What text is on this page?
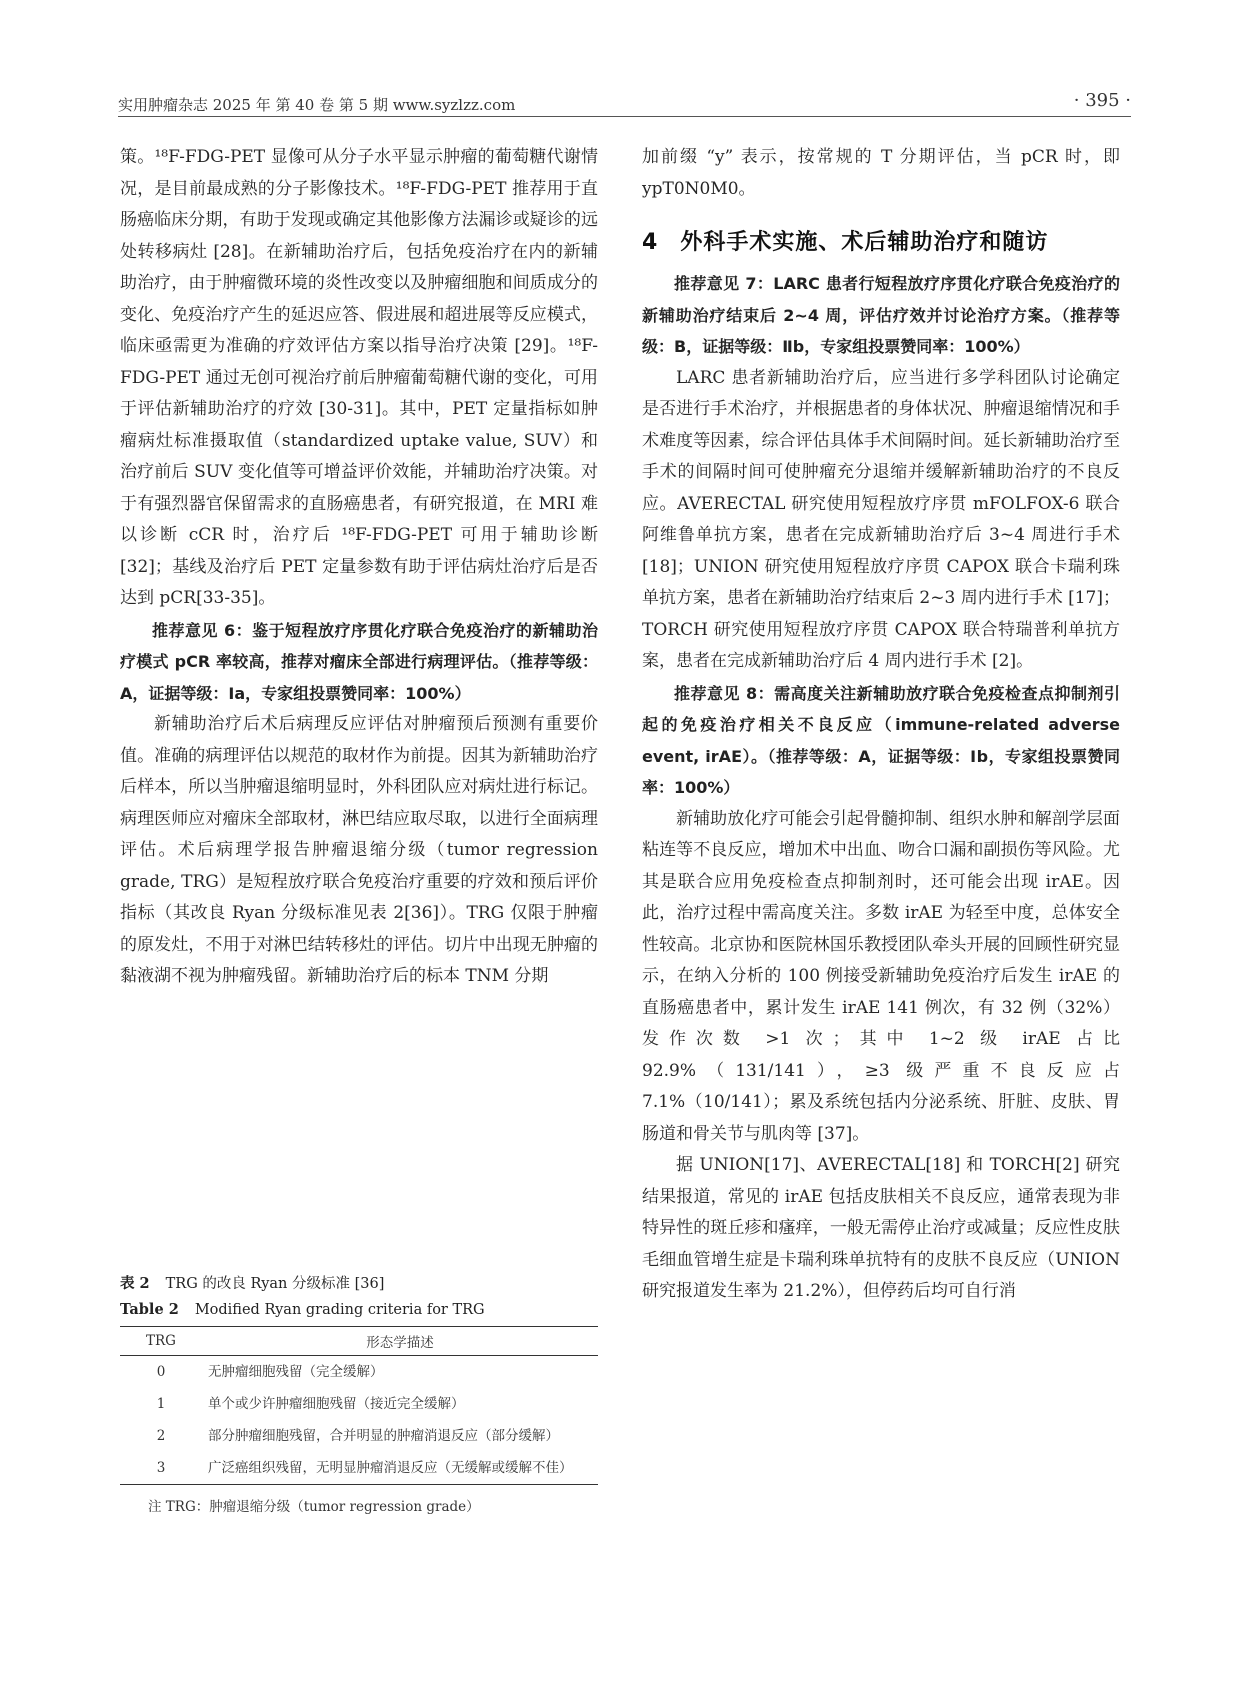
实用肿瘤杂志 2025 年 第 40 卷 第 5 期 www.syzlzz.com	· 395 ·

策。¹⁸F-FDG-PET 显像可从分子水平显示肿瘤的葡萄糖代谢情况，是目前最成熟的分子影像技术。¹⁸F-FDG-PET 推荐用于直肠癌临床分期，有助于发现或确定其他影像方法漏诊或疑诊的远处转移病灶 [28]。在新辅助治疗后，包括免疫治疗在内的新辅助治疗，由于肿瘤微环境的炎性改变以及肿瘤细胞和间质成分的变化、免疫治疗产生的延迟应答、假进展和超进展等反应模式，临床亟需更为准确的疗效评估方案以指导治疗决策 [29]。¹⁸F-FDG-PET 通过无创可视治疗前后肿瘤葡萄糖代谢的变化，可用于评估新辅助治疗的疗效 [30-31]。其中，PET 定量指标如肿瘤病灶标准摄取值（standardized uptake value, SUV）和治疗前后 SUV 变化值等可增益评价效能，并辅助治疗决策。对于有强烈器官保留需求的直肠癌患者，有研究报道，在 MRI 难以诊断 cCR 时，治疗后 ¹⁸F-FDG-PET 可用于辅助诊断 [32]；基线及治疗后 PET 定量参数有助于评估病灶治疗后是否达到 pCR[33-35]。

推荐意见 6：鉴于短程放疗序贯化疗联合免疫治疗的新辅助治疗模式 pCR 率较高，推荐对瘤床全部进行病理评估。（推荐等级：A，证据等级：Ⅰa，专家组投票赞同率：100%）

新辅助治疗后术后病理反应评估对肿瘤预后预测有重要价值。准确的病理评估以规范的取材作为前提。因其为新辅助治疗后样本，所以当肿瘤退缩明显时，外科团队应对病灶进行标记。病理医师应对瘤床全部取材，淋巴结应取尽取，以进行全面病理评估。术后病理学报告肿瘤退缩分级（tumor regression grade, TRG）是短程放疗联合免疫治疗重要的疗效和预后评价指标（其改良 Ryan 分级标准见表 2[36]）。TRG 仅限于肿瘤的原发灶，不用于对淋巴结转移灶的评估。切片中出现无肿瘤的黏液湖不视为肿瘤残留。新辅助治疗后的标本 TNM 分期

表 2 TRG 的改良 Ryan 分级标准 [36]
Table 2 Modified Ryan grading criteria for TRG
TRG	形态学描述
0	无肿瘤细胞残留（完全缓解）
1	单个或少许肿瘤细胞残留（接近完全缓解）
2	部分肿瘤细胞残留，合并明显的肿瘤消退反应（部分缓解）
3	广泛癌组织残留，无明显肿瘤消退反应（无缓解或缓解不佳）
注 TRG：肿瘤退缩分级（tumor regression grade）

加前缀 “y” 表示，按常规的 T 分期评估，当 pCR 时，即 ypT0N0M0。

4 外科手术实施、术后辅助治疗和随访

推荐意见 7：LARC 患者行短程放疗序贯化疗联合免疫治疗的新辅助治疗结束后 2~4 周，评估疗效并讨论治疗方案。（推荐等级：B，证据等级：Ⅱb，专家组投票赞同率：100%）

LARC 患者新辅助治疗后，应当进行多学科团队讨论确定是否进行手术治疗，并根据患者的身体状况、肿瘤退缩情况和手术难度等因素，综合评估具体手术间隔时间。延长新辅助治疗至手术的间隔时间可使肿瘤充分退缩并缓解新辅助治疗的不良反应。AVERECTAL 研究使用短程放疗序贯 mFOLFOX-6 联合阿维鲁单抗方案，患者在完成新辅助治疗后 3~4 周进行手术 [18]；UNION 研究使用短程放疗序贯 CAPOX 联合卡瑞利珠单抗方案，患者在新辅助治疗结束后 2~3 周内进行手术 [17]；TORCH 研究使用短程放疗序贯 CAPOX 联合特瑞普利单抗方案，患者在完成新辅助治疗后 4 周内进行手术 [2]。

推荐意见 8：需高度关注新辅助放疗联合免疫检查点抑制剂引起的免疫治疗相关不良反应（immune-related adverse event, irAE）。（推荐等级：A，证据等级：Ⅰb，专家组投票赞同率：100%）

新辅助放化疗可能会引起骨髓抑制、组织水肿和解剖学层面粘连等不良反应，增加术中出血、吻合口漏和副损伤等风险。尤其是联合应用免疫检查点抑制剂时，还可能会出现 irAE。因此，治疗过程中需高度关注。多数 irAE 为轻至中度，总体安全性较高。北京协和医院林国乐教授团队牵头开展的回顾性研究显示，在纳入分析的 100 例接受新辅助免疫治疗后发生 irAE 的直肠癌患者中，累计发生 irAE 141 例次，有 32 例（32%）发作次数 >1 次；其中 1~2 级 irAE 占比 92.9%（131/141），≥3 级严重不良反应占 7.1%（10/141）；累及系统包括内分泌系统、肝脏、皮肤、胃肠道和骨关节与肌肉等 [37]。

据 UNION[17]、AVERECTAL[18] 和 TORCH[2] 研究结果报道，常见的 irAE 包括皮肤相关不良反应，通常表现为非特异性的斑丘疹和瘙痒，一般无需停止治疗或减量；反应性皮肤毛细血管增生症是卡瑞利珠单抗特有的皮肤不良反应（UNION 研究报道发生率为 21.2%），但停药后均可自行消
